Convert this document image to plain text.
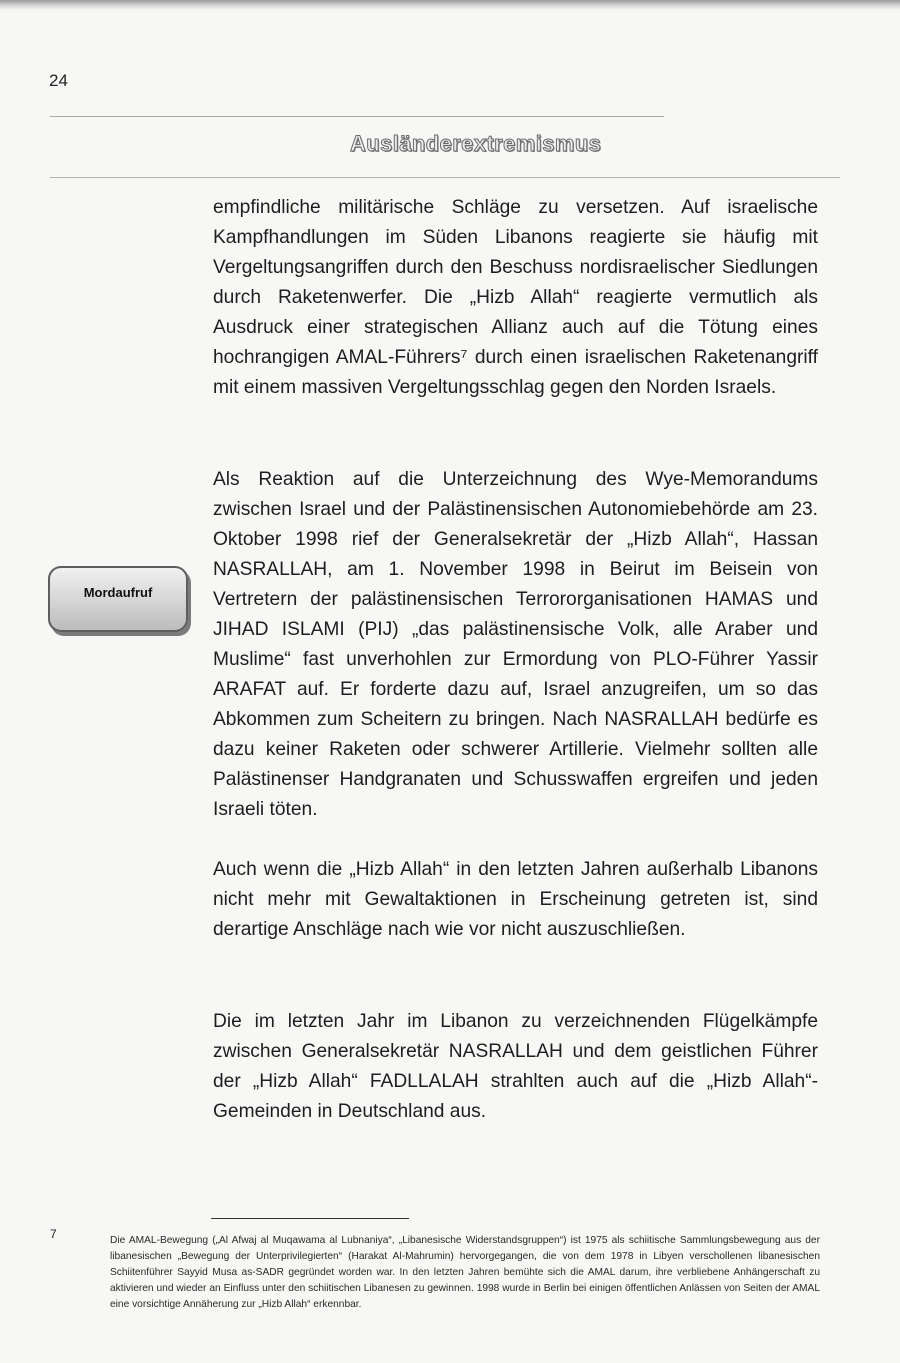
24
Ausländerextremismus

empfindliche militärische Schläge zu versetzen. Auf israelische Kampfhandlungen im Süden Libanons reagierte sie häufig mit Vergeltungsangriffen durch den Beschuss nordisraelischer Siedlungen durch Raketenwerfer. Die „Hizb Allah“ reagierte vermutlich als Ausdruck einer strategischen Allianz auch auf die Tötung eines hochrangigen AMAL-Führers⁷ durch einen israelischen Raketenangriff mit einem massiven Vergeltungsschlag gegen den Norden Israels.

Mordaufruf

Als Reaktion auf die Unterzeichnung des Wye-Memorandums zwischen Israel und der Palästinensischen Autonomiebehörde am 23. Oktober 1998 rief der Generalsekretär der „Hizb Allah“, Hassan NASRALLAH, am 1. November 1998 in Beirut im Beisein von Vertretern der palästinensischen Terrororganisationen HAMAS und JIHAD ISLAMI (PIJ) „das palästinensische Volk, alle Araber und Muslime“ fast unverhohlen zur Ermordung von PLO-Führer Yassir ARAFAT auf. Er forderte dazu auf, Israel anzugreifen, um so das Abkommen zum Scheitern zu bringen. Nach NASRALLAH bedürfe es dazu keiner Raketen oder schwerer Artillerie. Vielmehr sollten alle Palästinenser Handgranaten und Schusswaffen ergreifen und jeden Israeli töten.

Auch wenn die „Hizb Allah“ in den letzten Jahren außerhalb Libanons nicht mehr mit Gewaltaktionen in Erscheinung getreten ist, sind derartige Anschläge nach wie vor nicht auszuschließen.

Die im letzten Jahr im Libanon zu verzeichnenden Flügelkämpfe zwischen Generalsekretär NASRALLAH und dem geistlichen Führer der „Hizb Allah“ FADLLALAH strahlten auch auf die „Hizb Allah“-Gemeinden in Deutschland aus.

7	Die AMAL-Bewegung („Al Afwaj al Muqawama al Lubnaniya“, „Libanesische Widerstandsgruppen“) ist 1975 als schiitische Sammlungsbewegung aus der libanesischen „Bewegung der Unterprivilegierten“ (Harakat Al-Mahrumin) hervorgegangen, die von dem 1978 in Libyen verschollenen libanesischen Schiitenführer Sayyid Musa as-SADR gegründet worden war. In den letzten Jahren bemühte sich die AMAL darum, ihre verbliebene Anhängerschaft zu aktivieren und wieder an Einfluss unter den schiitischen Libanesen zu gewinnen. 1998 wurde in Berlin bei einigen öffentlichen Anlässen von Seiten der AMAL eine vorsichtige Annäherung zur „Hizb Allah“ erkennbar.
